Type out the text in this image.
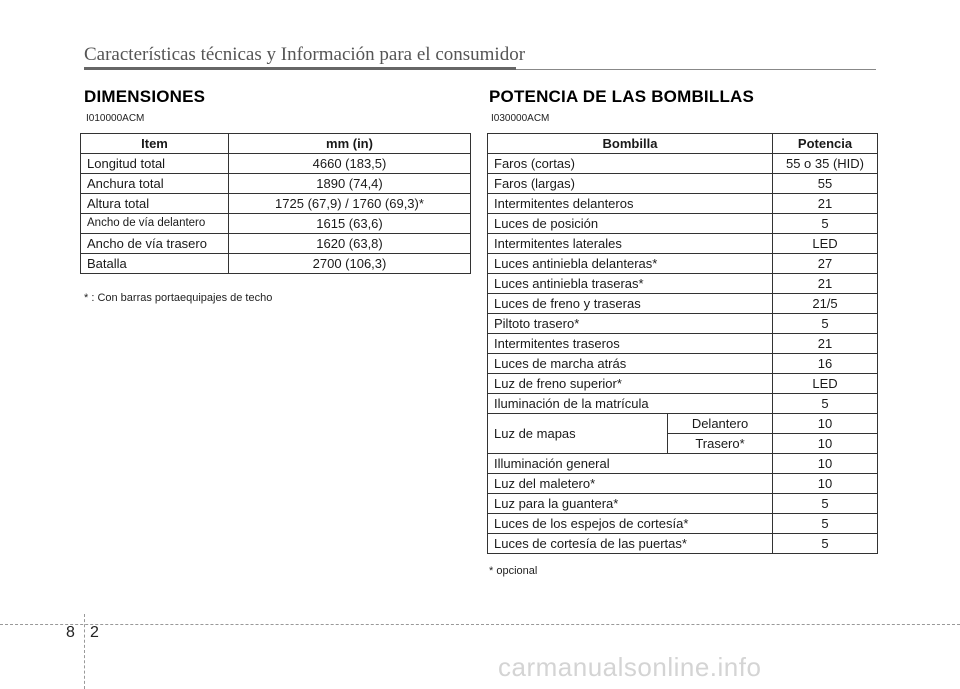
Características técnicas y Información para el consumidor
DIMENSIONES
I010000ACM
Item	mm (in)
Longitud total	4660 (183,5)
Anchura total	1890 (74,4)
Altura total	1725 (67,9) / 1760 (69,3)*
Ancho de vía delantero	1615 (63,6)
Ancho de vía trasero	1620 (63,8)
Batalla	2700 (106,3)
* : Con barras portaequipajes de techo
POTENCIA DE LAS BOMBILLAS
I030000ACM
Bombilla		Potencia
Faros (cortas)		55 o 35 (HID)
Faros (largas)		55
Intermitentes delanteros		21
Luces de posición		5
Intermitentes laterales		LED
Luces antiniebla delanteras*		27
Luces antiniebla traseras*		21
Luces de freno y traseras		21/5
Piltoto trasero*		5
Intermitentes traseros		21
Luces de marcha atrás		16
Luz de freno superior*		LED
Iluminación de la matrícula		5
Luz de mapas	Delantero	10
	Trasero*	10
Illuminación general		10
Luz del maletero*		10
Luz para la guantera*		5
Luces de los espejos de cortesía*		5
Luces de cortesía de las puertas*		5
* opcional
8 2
carmanualsonline.info
